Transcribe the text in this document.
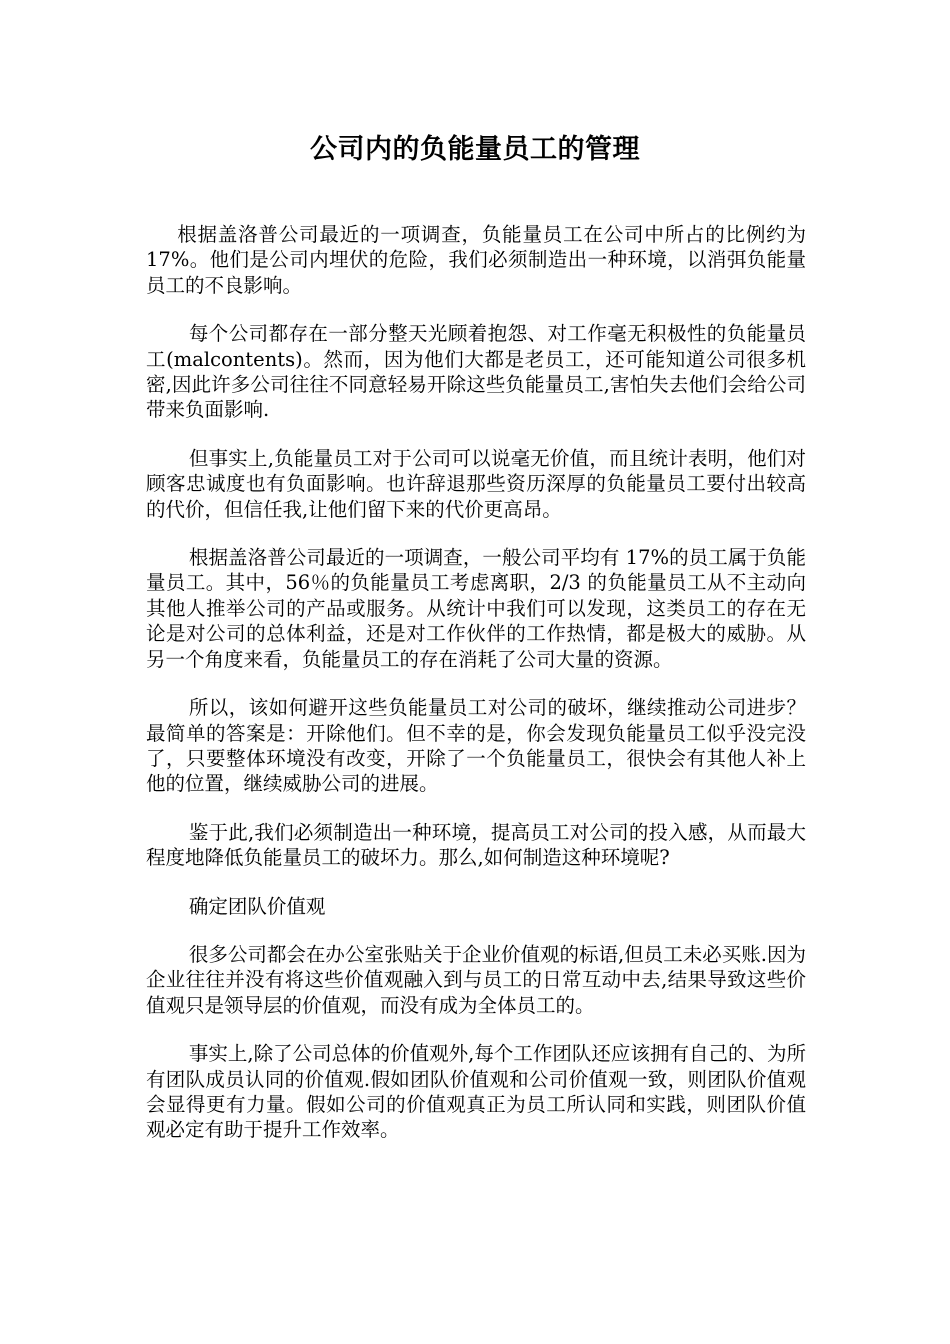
公司内的负能量员工的管理

根据盖洛普公司最近的一项调查，负能量员工在公司中所占的比例约为17%。他们是公司内埋伏的危险，我们必须制造出一种环境，以消弭负能量员工的不良影响。

每个公司都存在一部分整天光顾着抱怨、对工作毫无积极性的负能量员工(malcontents)。然而，因为他们大都是老员工，还可能知道公司很多机密,因此许多公司往往不同意轻易开除这些负能量员工,害怕失去他们会给公司带来负面影响.

但事实上,负能量员工对于公司可以说毫无价值，而且统计表明，他们对顾客忠诚度也有负面影响。也许辞退那些资历深厚的负能量员工要付出较高的代价，但信任我,让他们留下来的代价更高昂。

根据盖洛普公司最近的一项调查，一般公司平均有 17%的员工属于负能量员工。其中，56％的负能量员工考虑离职，2/3 的负能量员工从不主动向其他人推举公司的产品或服务。从统计中我们可以发现，这类员工的存在无论是对公司的总体利益，还是对工作伙伴的工作热情，都是极大的威胁。从另一个角度来看，负能量员工的存在消耗了公司大量的资源。

所以，该如何避开这些负能量员工对公司的破坏，继续推动公司进步？最简单的答案是：开除他们。但不幸的是，你会发现负能量员工似乎没完没了，只要整体环境没有改变，开除了一个负能量员工，很快会有其他人补上他的位置，继续威胁公司的进展。

鉴于此,我们必须制造出一种环境，提高员工对公司的投入感，从而最大程度地降低负能量员工的破坏力。那么,如何制造这种环境呢?

确定团队价值观

很多公司都会在办公室张贴关于企业价值观的标语,但员工未必买账.因为企业往往并没有将这些价值观融入到与员工的日常互动中去,结果导致这些价值观只是领导层的价值观，而没有成为全体员工的。

事实上,除了公司总体的价值观外,每个工作团队还应该拥有自己的、为所有团队成员认同的价值观.假如团队价值观和公司价值观一致，则团队价值观会显得更有力量。假如公司的价值观真正为员工所认同和实践，则团队价值观必定有助于提升工作效率。
